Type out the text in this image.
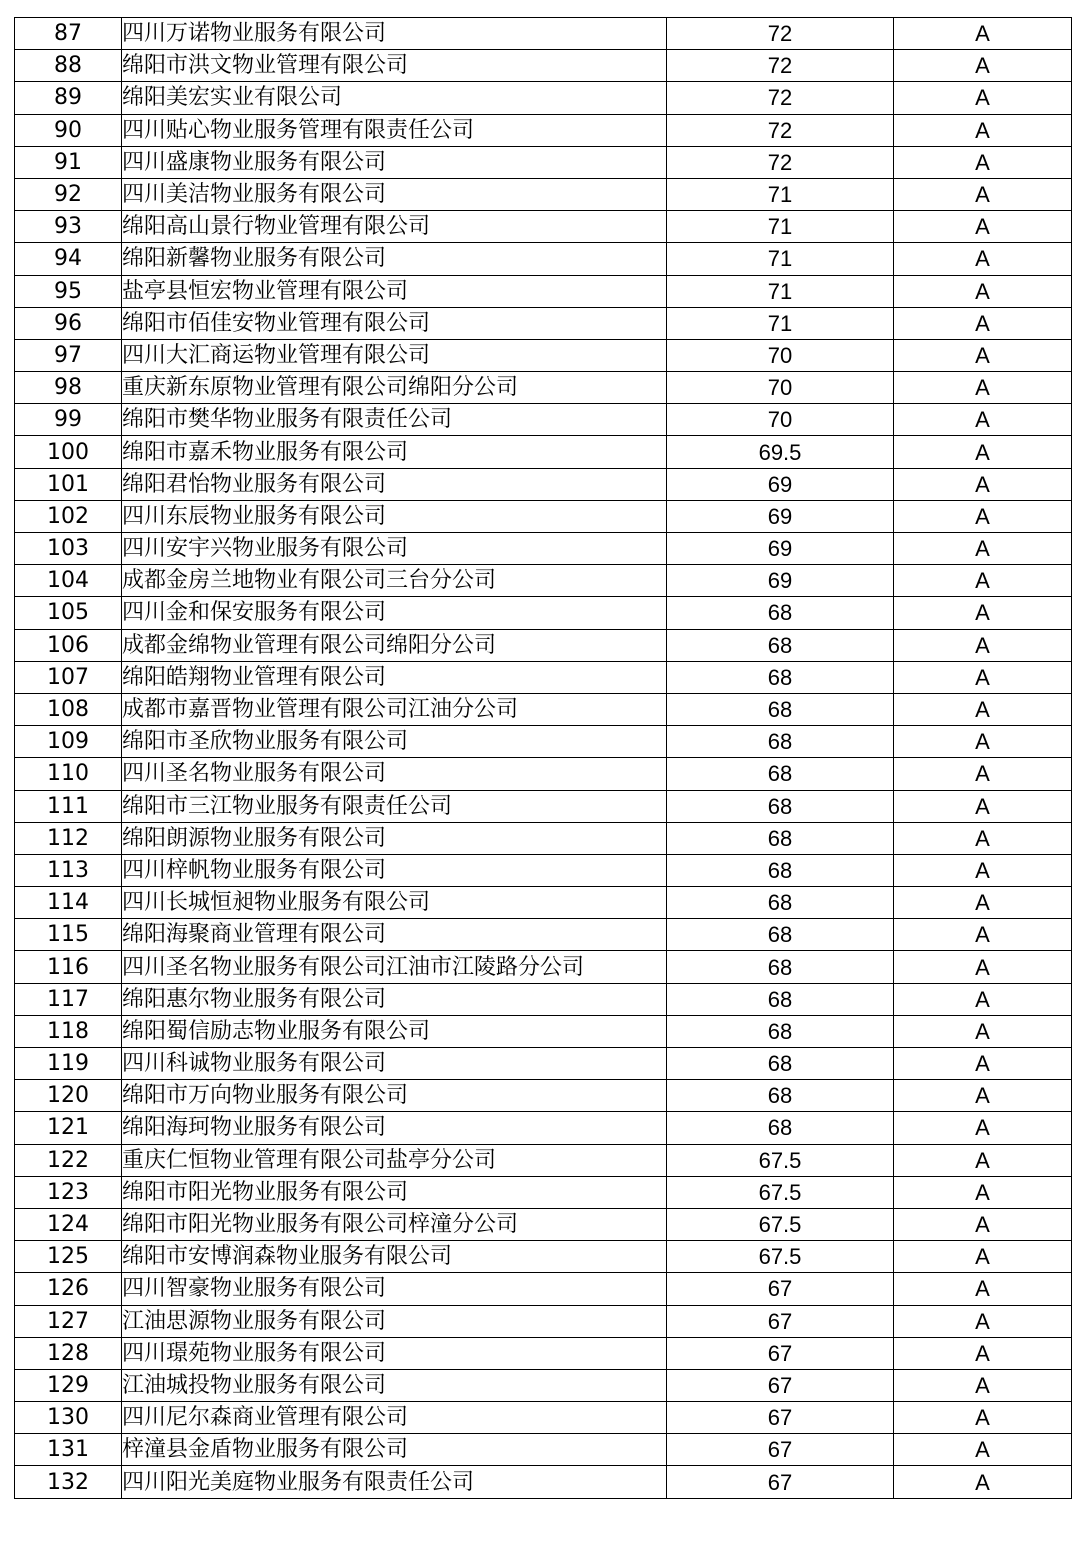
87	四川万诺物业服务有限公司	72	A
88	绵阳市洪文物业管理有限公司	72	A
89	绵阳美宏实业有限公司	72	A
90	四川贴心物业服务管理有限责任公司	72	A
91	四川盛康物业服务有限公司	72	A
92	四川美洁物业服务有限公司	71	A
93	绵阳高山景行物业管理有限公司	71	A
94	绵阳新馨物业服务有限公司	71	A
95	盐亭县恒宏物业管理有限公司	71	A
96	绵阳市佰佳安物业管理有限公司	71	A
97	四川大汇商运物业管理有限公司	70	A
98	重庆新东原物业管理有限公司绵阳分公司	70	A
99	绵阳市樊华物业服务有限责任公司	70	A
100	绵阳市嘉禾物业服务有限公司	69.5	A
101	绵阳君怡物业服务有限公司	69	A
102	四川东辰物业服务有限公司	69	A
103	四川安宇兴物业服务有限公司	69	A
104	成都金房兰地物业有限公司三台分公司	69	A
105	四川金和保安服务有限公司	68	A
106	成都金绵物业管理有限公司绵阳分公司	68	A
107	绵阳皓翔物业管理有限公司	68	A
108	成都市嘉晋物业管理有限公司江油分公司	68	A
109	绵阳市圣欣物业服务有限公司	68	A
110	四川圣名物业服务有限公司	68	A
111	绵阳市三江物业服务有限责任公司	68	A
112	绵阳朗源物业服务有限公司	68	A
113	四川梓帆物业服务有限公司	68	A
114	四川长城恒昶物业服务有限公司	68	A
115	绵阳海聚商业管理有限公司	68	A
116	四川圣名物业服务有限公司江油市江陵路分公司	68	A
117	绵阳惠尔物业服务有限公司	68	A
118	绵阳蜀信励志物业服务有限公司	68	A
119	四川科诚物业服务有限公司	68	A
120	绵阳市万向物业服务有限公司	68	A
121	绵阳海珂物业服务有限公司	68	A
122	重庆仁恒物业管理有限公司盐亭分公司	67.5	A
123	绵阳市阳光物业服务有限公司	67.5	A
124	绵阳市阳光物业服务有限公司梓潼分公司	67.5	A
125	绵阳市安博润森物业服务有限公司	67.5	A
126	四川智豪物业服务有限公司	67	A
127	江油思源物业服务有限公司	67	A
128	四川璟苑物业服务有限公司	67	A
129	江油城投物业服务有限公司	67	A
130	四川尼尔森商业管理有限公司	67	A
131	梓潼县金盾物业服务有限公司	67	A
132	四川阳光美庭物业服务有限责任公司	67	A
